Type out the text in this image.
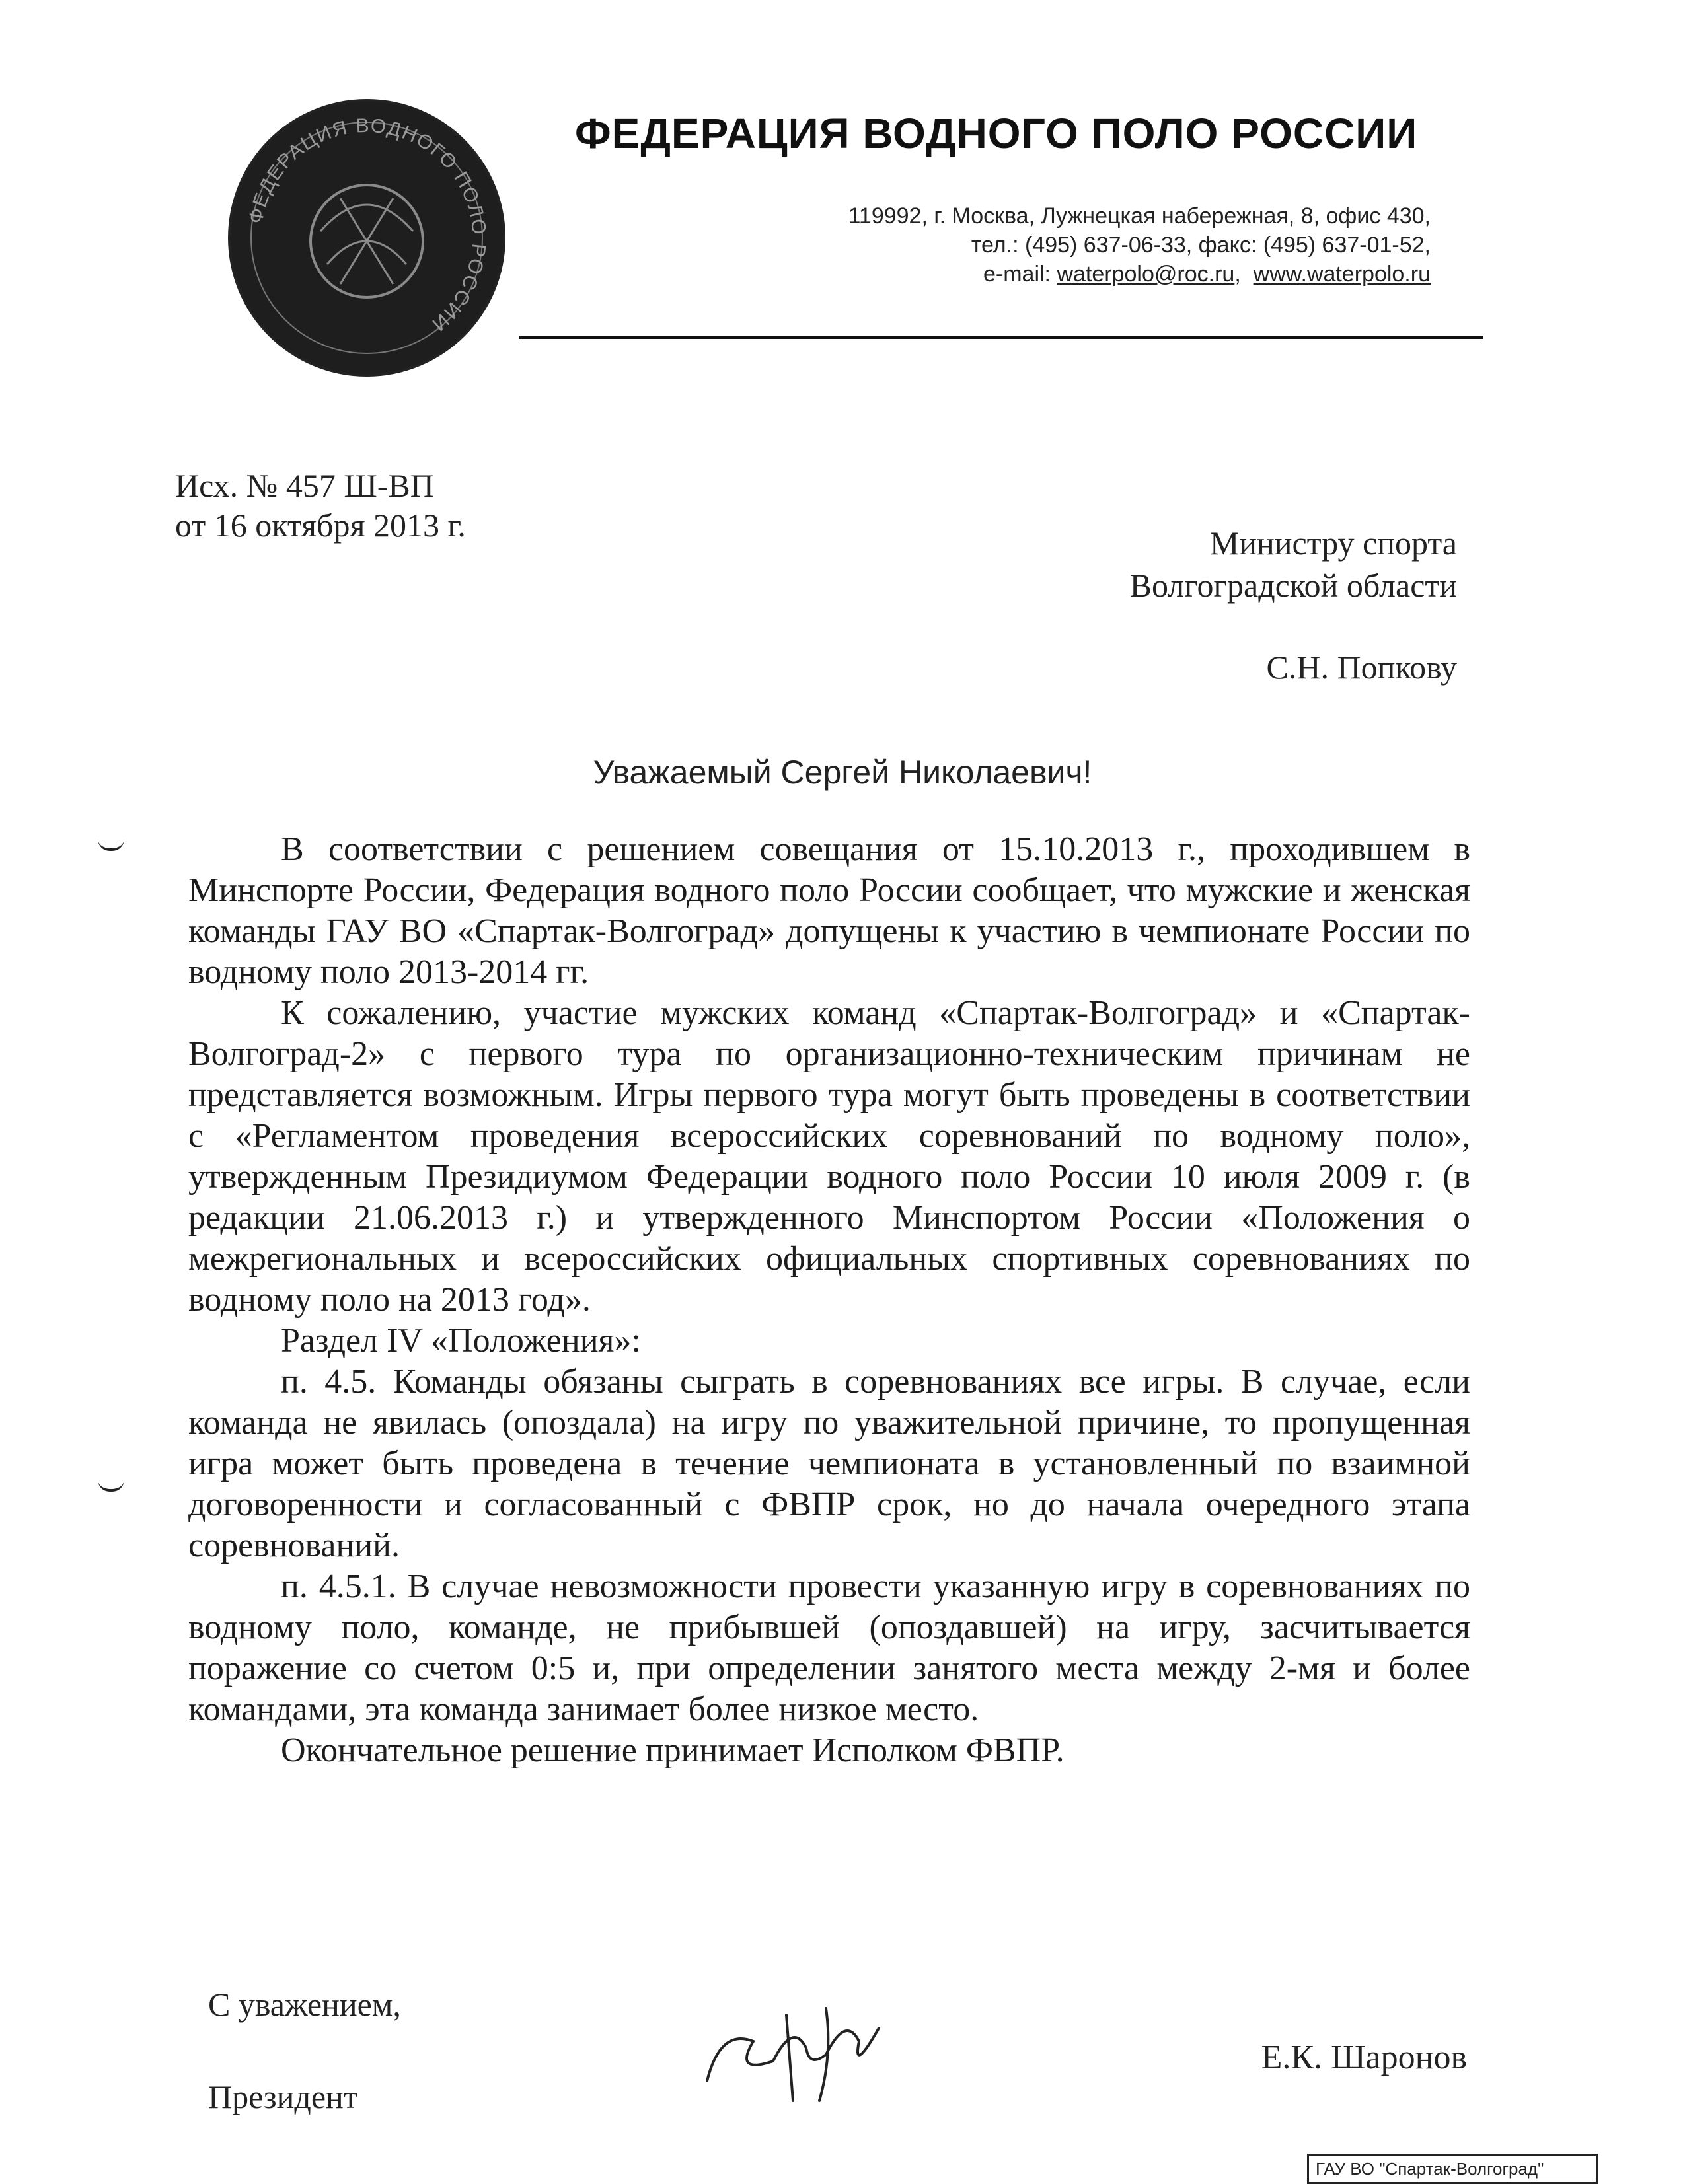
ФЕДЕРАЦИЯ ВОДНОГО ПОЛО РОССИИ
ФЕДЕРАЦИЯ ВОДНОГО ПОЛО РОССИИ
119992, г. Москва, Лужнецкая набережная, 8, офис 430,
тел.: (495) 637-06-33, факс: (495) 637-01-52,
e-mail: waterpolo@roc.ru,  www.waterpolo.ru
Исх. № 457 Ш-ВП
от 16 октября 2013 г.	Министру спорта
Волгоградской области
С.Н. Попкову
Уважаемый Сергей Николаевич!

В соответствии с решением совещания от 15.10.2013 г., проходившем в Минспорте России, Федерация водного поло России сообщает, что мужские и женская команды ГАУ ВО «Спартак-Волгоград» допущены к участию в чемпионате России по водному поло 2013-2014 гг.

К сожалению, участие мужских команд «Спартак-Волгоград» и «Спартак-Волгоград-2» с первого тура по организационно-техническим причинам не представляется возможным. Игры первого тура могут быть проведены в соответствии с «Регламентом проведения всероссийских соревнований по водному поло», утвержденным Президиумом Федерации водного поло России 10 июля 2009 г. (в редакции 21.06.2013 г.) и утвержденного Минспортом России «Положения о межрегиональных и всероссийских официальных спортивных соревнованиях по водному поло на 2013 год».

Раздел IV «Положения»:

п. 4.5. Команды обязаны сыграть в соревнованиях все игры. В случае, если команда не явилась (опоздала) на игру по уважительной причине, то пропущенная игра может быть проведена в течение чемпионата в установленный по взаимной договоренности и согласованный с ФВПР срок, но до начала очередного этапа соревнований.

п. 4.5.1. В случае невозможности провести указанную игру в соревнованиях по водному поло, команде, не прибывшей (опоздавшей) на игру, засчитывается поражение со счетом 0:5 и, при определении занятого места между 2-мя и более командами, эта команда занимает более низкое место.

Окончательное решение принимает Исполком ФВПР.

С уважением,
Президент
Е.К. Шаронов
ГАУ ВО "Спартак-Волгоград"
